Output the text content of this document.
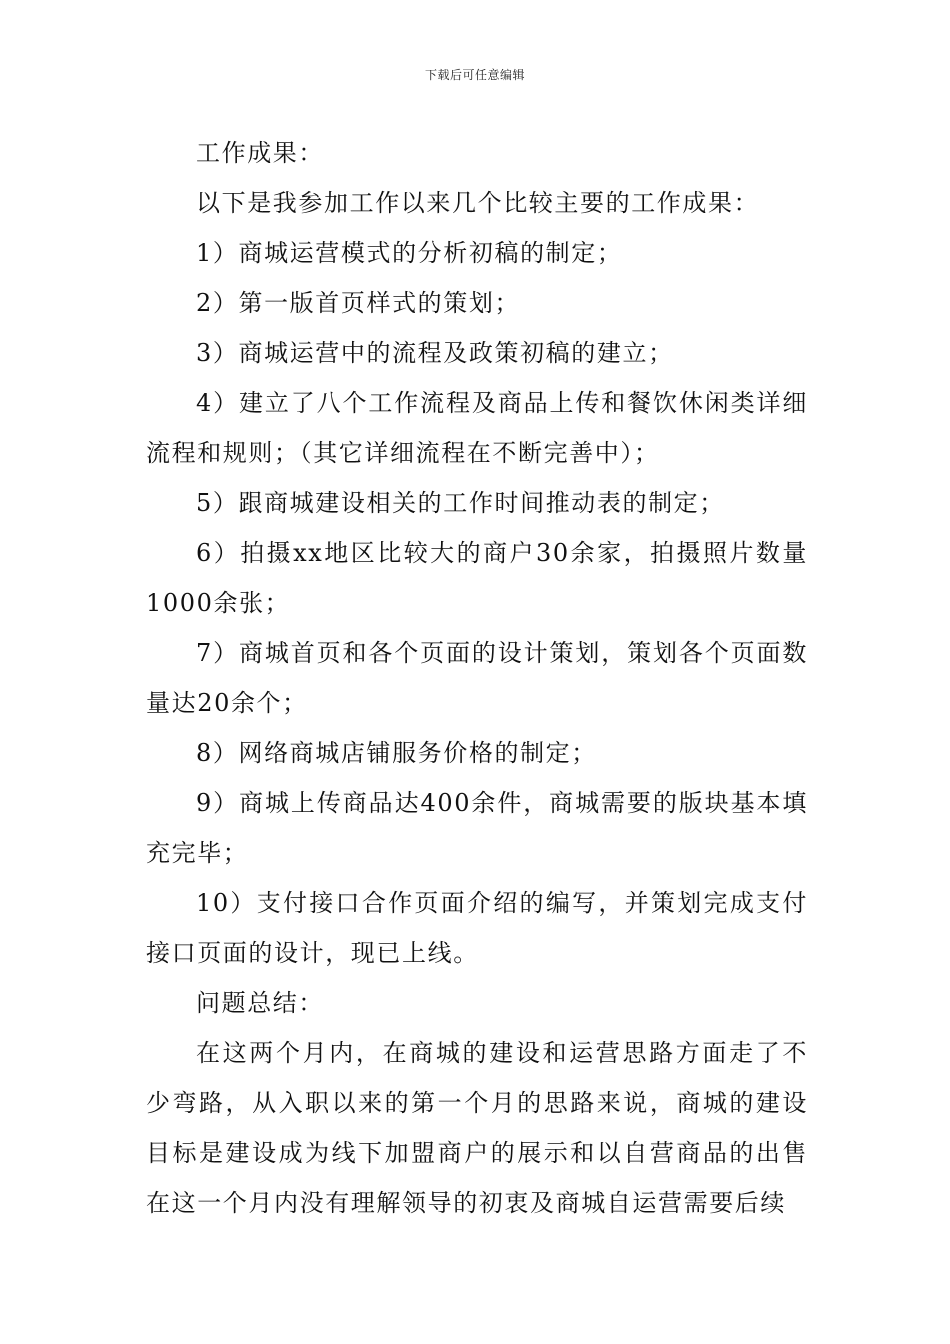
下载后可任意编辑

工作成果：

以下是我参加工作以来几个比较主要的工作成果：

1）商城运营模式的分析初稿的制定；

2）第一版首页样式的策划；

3）商城运营中的流程及政策初稿的建立；

4）建立了八个工作流程及商品上传和餐饮休闲类详细流程和规则；（其它详细流程在不断完善中）；

5）跟商城建设相关的工作时间推动表的制定；

6）拍摄xx地区比较大的商户30余家，拍摄照片数量1000余张；

7）商城首页和各个页面的设计策划，策划各个页面数量达20余个；

8）网络商城店铺服务价格的制定；

9）商城上传商品达400余件，商城需要的版块基本填充完毕；

10）支付接口合作页面介绍的编写，并策划完成支付接口页面的设计，现已上线。

问题总结：

在这两个月内，在商城的建设和运营思路方面走了不少弯路，从入职以来的第一个月的思路来说，商城的建设目标是建设成为线下加盟商户的展示和以自营商品的出售在这一个月内没有理解领导的初衷及商城自运营需要后续
